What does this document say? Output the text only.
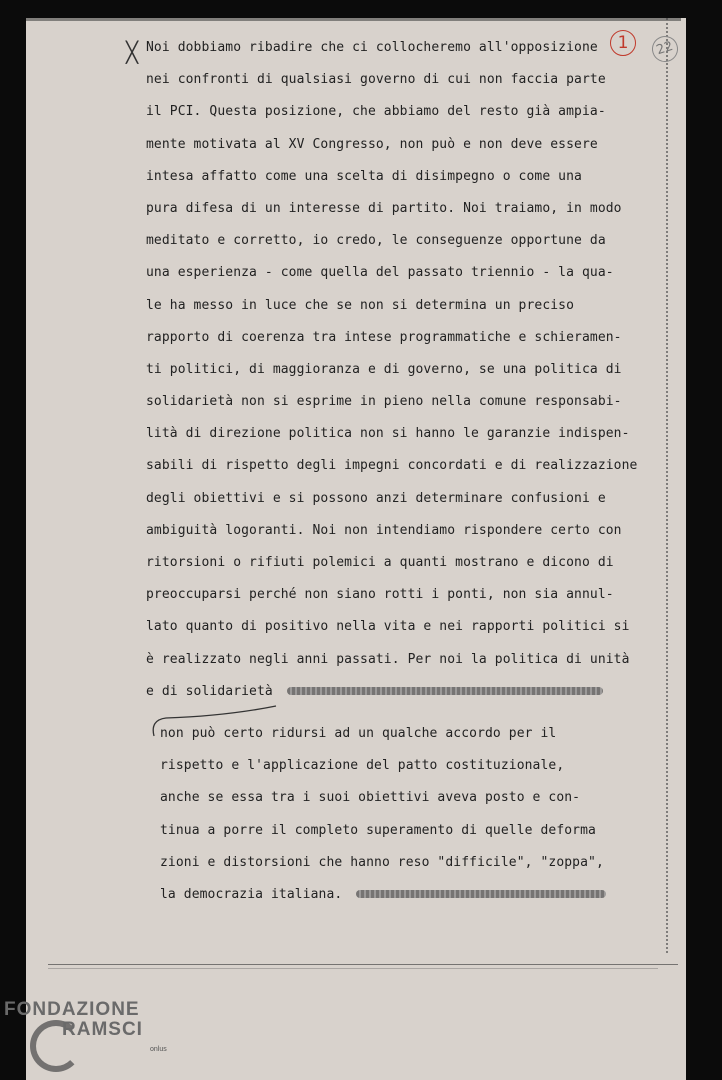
1	22
╳ Noi dobbiamo ribadire che ci collocheremo all'opposizione
nei confronti di qualsiasi governo di cui non faccia parte
il PCI. Questa posizione, che abbiamo del resto già ampia-
mente motivata al XV Congresso, non può e non deve essere
intesa affatto come una scelta di disimpegno o come una
pura difesa di un interesse di partito. Noi traiamo, in modo
meditato e corretto, io credo, le conseguenze opportune da
una esperienza - come quella del passato triennio - la qua-
le ha messo in luce che se non si determina un preciso
rapporto di coerenza tra intese programmatiche e schieramen-
ti politici, di maggioranza e di governo, se una politica di
solidarietà non si esprime in pieno nella comune responsabi-
lità di direzione politica non si hanno le garanzie indispen-
sabili di rispetto degli impegni concordati e di realizzazione
degli obiettivi e si possono anzi determinare confusioni e
ambiguità logoranti. Noi non intendiamo rispondere certo con
ritorsioni o rifiuti polemici a quanti mostrano e dicono di
preoccuparsi perché non siano rotti i ponti, non sia annul-
lato quanto di positivo nella vita e nei rapporti politici si
è realizzato negli anni passati. Per noi la politica di unità
e di solidarietà
non può certo ridursi ad un qualche accordo per il
rispetto e l'applicazione del patto costituzionale,
anche se essa tra i suoi obiettivi aveva posto e con-
tinua a porre il completo superamento di quelle deforma
zioni e distorsioni che hanno reso "difficile", "zoppa",
la democrazia italiana.
FONDAZIONE
RAMSCI
onlus
